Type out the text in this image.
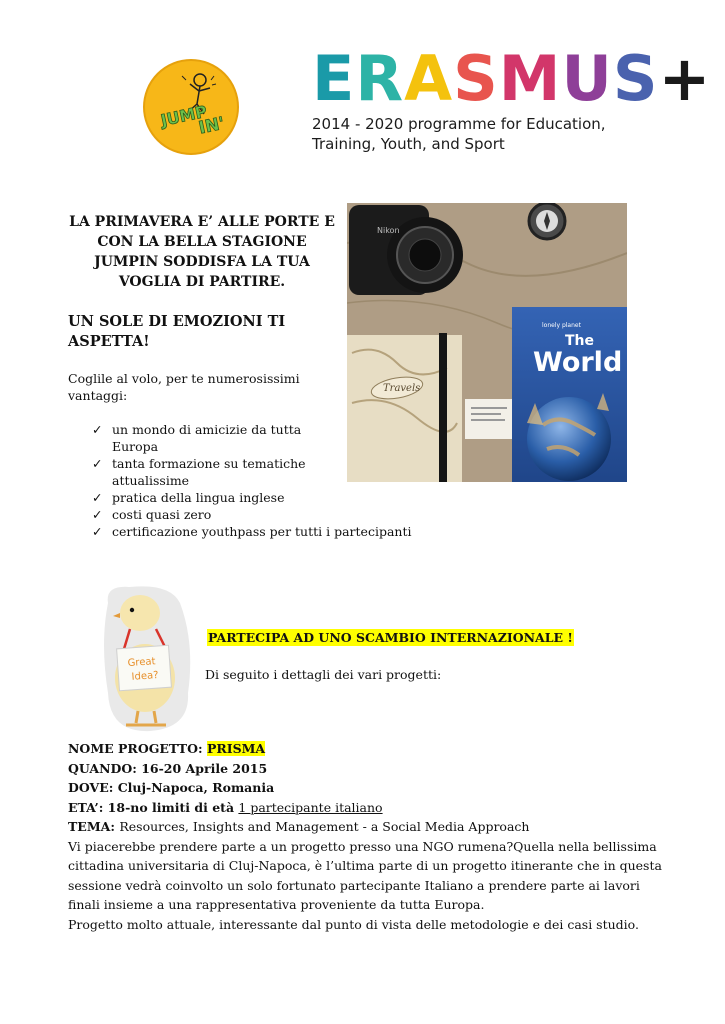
JUMP
IN'
E R A S M U S +
2014 - 2020 programme for Education,
Training, Youth, and Sport
LA PRIMAVERA E’ ALLE PORTE E
CON LA BELLA STAGIONE
JUMPIN SODDISFA LA TUA
VOGLIA DI PARTIRE.
UN SOLE DI EMOZIONI TI
ASPETTA!
Coglile al volo, per te numerosissimi
vantaggi:
✓ un mondo di amicizie da tutta
Europa
✓ tanta formazione su tematiche
attualissime
✓ pratica della lingua inglese
✓ costi quasi zero
✓ certificazione youthpass per tutti i partecipanti
Nikon
Travels
lonely planet
The
World
Great
Idea?
PARTECIPA AD UNO SCAMBIO INTERNAZIONALE !
Di seguito i dettagli dei vari progetti:
NOME PROGETTO: PRISMA
QUANDO: 16-20 Aprile 2015
DOVE: Cluj-Napoca, Romania
ETA’: 18-no limiti di età 1 partecipante italiano
TEMA: Resources, Insights and Management - a Social Media Approach
Vi piacerebbe prendere parte a un progetto presso una NGO rumena?Quella nella bellissima
cittadina universitaria di Cluj-Napoca, è l’ultima parte di un progetto itinerante che in questa
sessione vedrà coinvolto un solo fortunato partecipante Italiano a prendere parte ai lavori
finali insieme a una rappresentativa proveniente da tutta Europa.
Progetto molto attuale, interessante dal punto di vista delle metodologie e dei casi studio.
